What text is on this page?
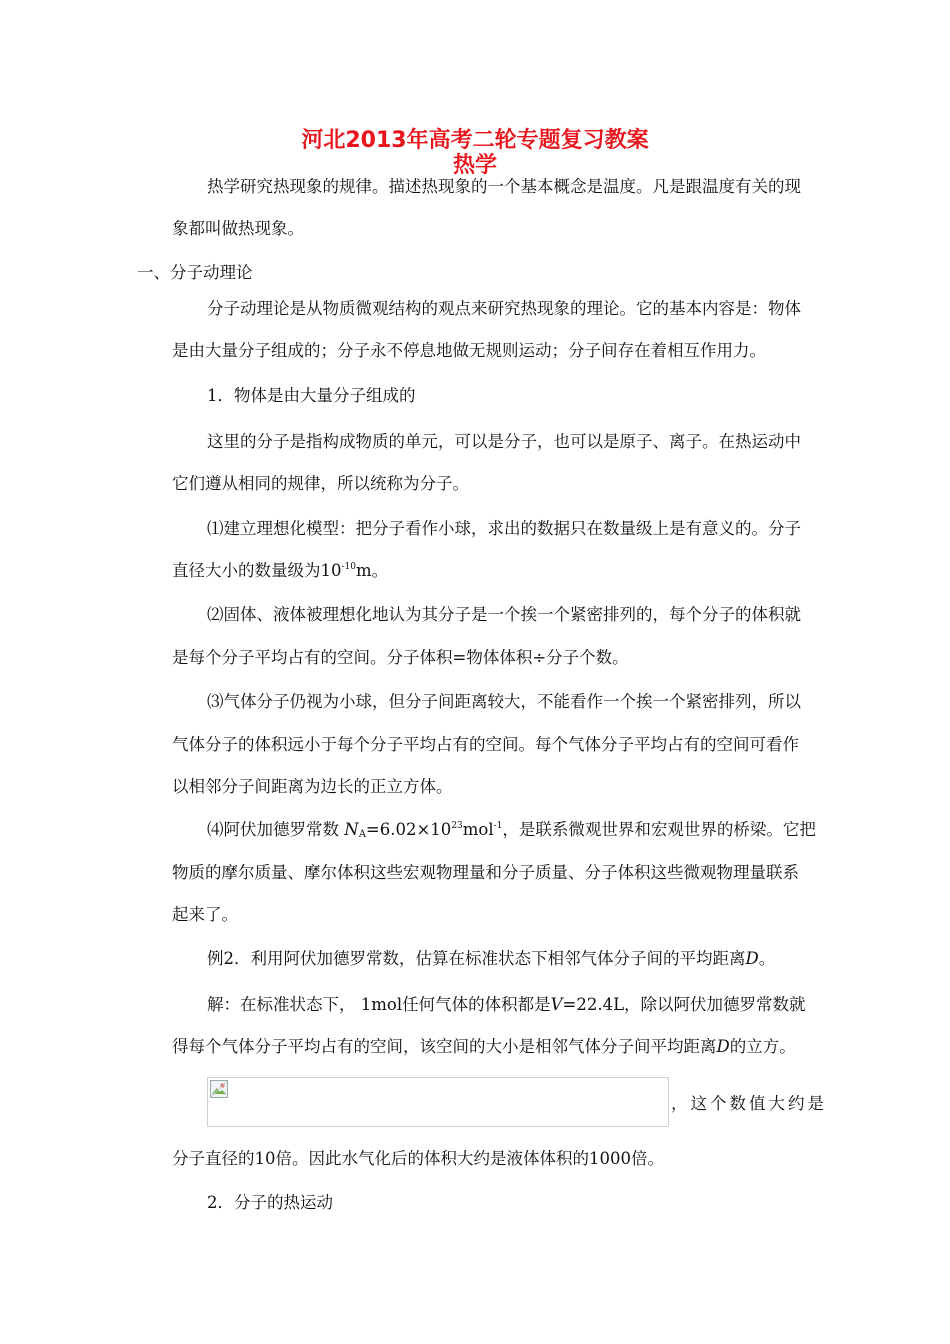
河北2013年高考二轮专题复习教案
热学
热学研究热现象的规律。描述热现象的一个基本概念是温度。凡是跟温度有关的现
象都叫做热现象。
一、分子动理论
分子动理论是从物质微观结构的观点来研究热现象的理论。它的基本内容是：物体
是由大量分子组成的；分子永不停息地做无规则运动；分子间存在着相互作用力。
1．物体是由大量分子组成的
这里的分子是指构成物质的单元，可以是分子，也可以是原子、离子。在热运动中
它们遵从相同的规律，所以统称为分子。
⑴建立理想化模型：把分子看作小球，求出的数据只在数量级上是有意义的。分子
直径大小的数量级为$10^{-10}m$。
⑵固体、液体被理想化地认为其分子是一个挨一个紧密排列的，每个分子的体积就
是每个分子平均占有的空间。分子体积=物体体积÷分子个数。
⑶气体分子仍视为小球，但分子间距离较大，不能看作一个挨一个紧密排列，所以
气体分子的体积远小于每个分子平均占有的空间。每个气体分子平均占有的空间可看作
以相邻分子间距离为边长的正立方体。
⑷阿伏加德罗常数 $N_A=6.02\times 10^{23}mol^{-1}$，是联系微观世界和宏观世界的桥梁。它把
物质的摩尔质量、摩尔体积这些宏观物理量和分子质量、分子体积这些微观物理量联系
起来了。
例2．利用阿伏加德罗常数，估算在标准状态下相邻气体分子间的平均距离D。
解：在标准状态下， 1mol任何气体的体积都是V=22.4L，除以阿伏加德罗常数就
得每个气体分子平均占有的空间，该空间的大小是相邻气体分子间平均距离D的立方。
，这个数值大约是
分子直径的10倍。因此水气化后的体积大约是液体体积的1000倍。
2．分子的热运动
